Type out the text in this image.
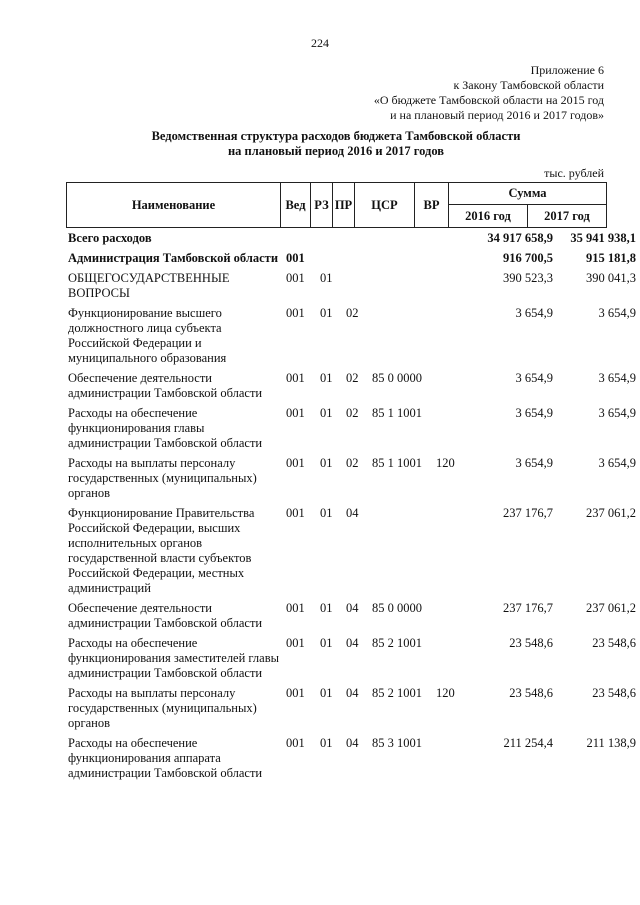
224
Приложение 6
к Закону Тамбовской области
«О бюджете Тамбовской области на 2015 год
и на плановый период 2016 и 2017 годов»
Ведомственная структура расходов бюджета Тамбовской области
на плановый период 2016 и 2017 годов
тыс. рублей
Наименование	Вед	РЗ	ПР	ЦСР	ВР	Сумма	
						2016 год	2017 год
Всего расходов						34 917 658,9	35 941 938,1
Администрация Тамбовской области	001					916 700,5	915 181,8
ОБЩЕГОСУДАРСТВЕННЫЕ ВОПРОСЫ	001	01				390 523,3	390 041,3
Функционирование высшего должностного лица субъекта Российской Федерации и муниципального образования	001	01	02			3 654,9	3 654,9
Обеспечение деятельности администрации Тамбовской области	001	01	02	85 0 0000		3 654,9	3 654,9
Расходы на обеспечение функционирования главы администрации Тамбовской области	001	01	02	85 1 1001		3 654,9	3 654,9
Расходы на выплаты персоналу государственных (муниципальных) органов	001	01	02	85 1 1001	120	3 654,9	3 654,9
Функционирование Правительства Российской Федерации, высших исполнительных органов государственной власти субъектов Российской Федерации, местных администраций	001	01	04			237 176,7	237 061,2
Обеспечение деятельности администрации Тамбовской области	001	01	04	85 0 0000		237 176,7	237 061,2
Расходы на обеспечение функционирования заместителей главы администрации Тамбовской области	001	01	04	85 2 1001		23 548,6	23 548,6
Расходы на выплаты персоналу государственных (муниципальных) органов	001	01	04	85 2 1001	120	23 548,6	23 548,6
Расходы на обеспечение функционирования аппарата администрации Тамбовской области	001	01	04	85 3 1001		211 254,4	211 138,9
